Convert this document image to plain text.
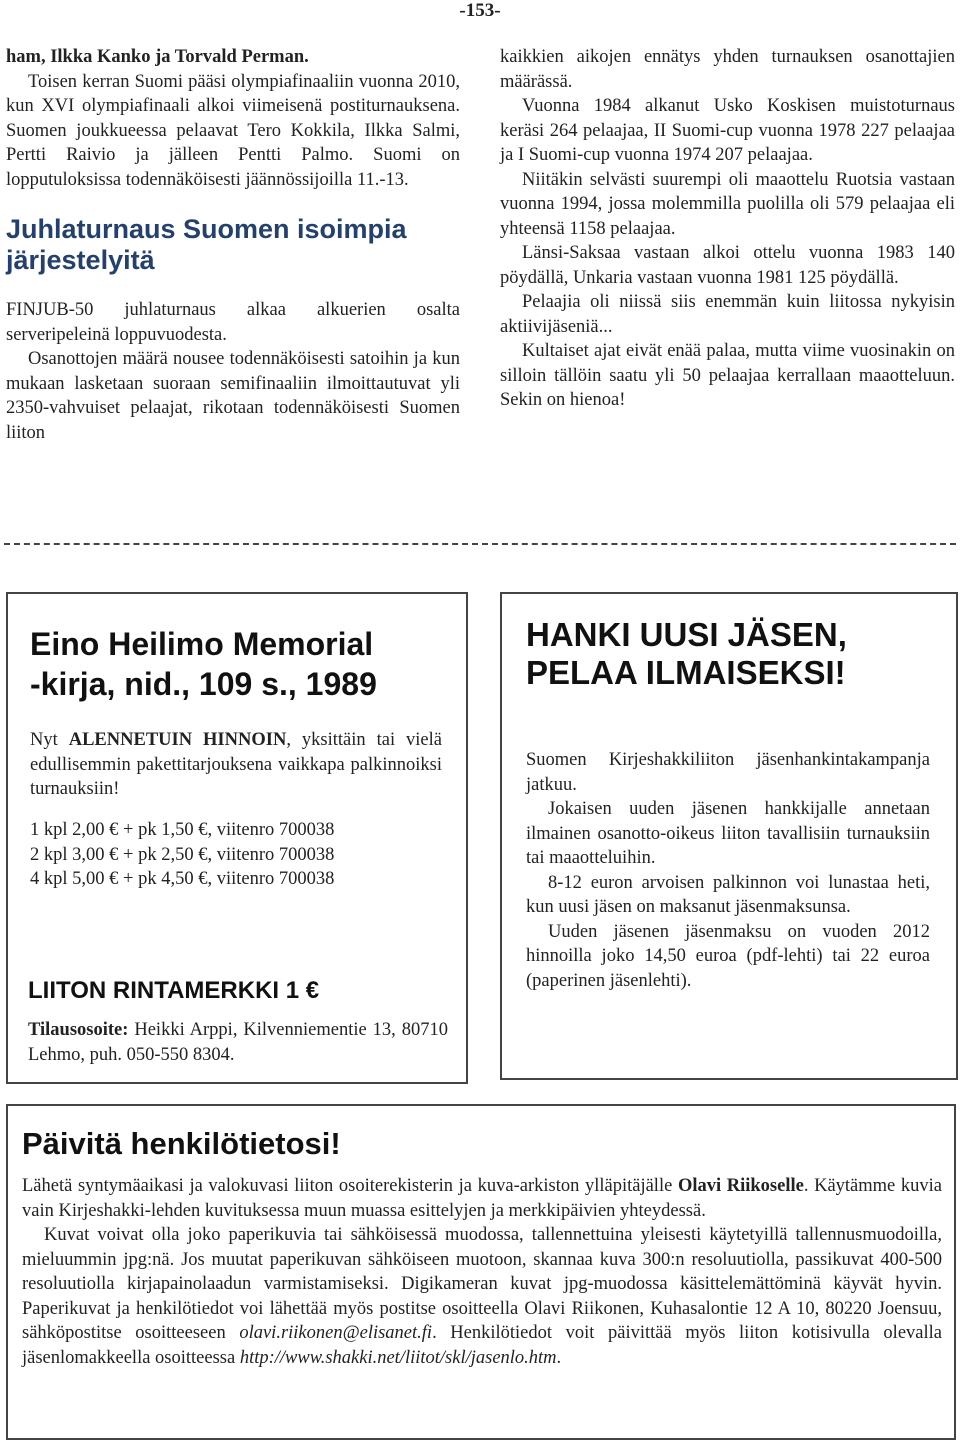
-153-

ham, Ilkka Kanko ja Torvald Perman.

Toisen kerran Suomi pääsi olympiafinaaliin vuonna 2010, kun XVI olympiafinaali alkoi viimeisenä postiturnauksena. Suomen joukkueessa pelaavat Tero Kokkila, Ilkka Salmi, Pertti Raivio ja jälleen Pentti Palmo. Suomi on lopputuloksissa todennäköisesti jäännössijoilla 11.-13.

Juhlaturnaus Suomen isoimpia järjestelyitä

FINJUB-50 juhlaturnaus alkaa alkuerien osalta serveripeleinä loppuvuodesta.

Osanottojen määrä nousee todennäköisesti satoihin ja kun mukaan lasketaan suoraan semifinaaliin ilmoittautuvat yli 2350-vahvuiset pelaajat, rikotaan todennäköisesti Suomen liiton

kaikkien aikojen ennätys yhden turnauksen osanottajien määrässä.

Vuonna 1984 alkanut Usko Koskisen muistoturnaus keräsi 264 pelaajaa, II Suomi-cup vuonna 1978 227 pelaajaa ja I Suomi-cup vuonna 1974 207 pelaajaa.

Niitäkin selvästi suurempi oli maaottelu Ruotsia vastaan vuonna 1994, jossa molemmilla puolilla oli 579 pelaajaa eli yhteensä 1158 pelaajaa.

Länsi-Saksaa vastaan alkoi ottelu vuonna 1983 140 pöydällä, Unkaria vastaan vuonna 1981 125 pöydällä.

Pelaajia oli niissä siis enemmän kuin liitossa nykyisin aktiivijäseniä...

Kultaiset ajat eivät enää palaa, mutta viime vuosinakin on silloin tällöin saatu yli 50 pelaajaa kerrallaan maaotteluun. Sekin on hienoa!

Eino Heilimo Memorial
-kirja, nid., 109 s., 1989
Nyt ALENNETUIN HINNOIN, yksittäin tai vielä edullisemmin pakettitarjouksena vaikkapa palkinnoiksi turnauksiin!
1 kpl 2,00 € + pk 1,50 €, viitenro 700038
2 kpl 3,00 € + pk 2,50 €, viitenro 700038
4 kpl 5,00 € + pk 4,50 €, viitenro 700038
LIITON RINTAMERKKI 1 €
Tilausosoite: Heikki Arppi, Kilvenniementie 13, 80710 Lehmo, puh. 050-550 8304.
HANKI UUSI JÄSEN, PELAA ILMAISEKSI!

Suomen Kirjeshakkiliiton jäsenhankintakampanja jatkuu.

Jokaisen uuden jäsenen hankkijalle annetaan ilmainen osanotto-oikeus liiton tavallisiin turnauksiin tai maaotteluihin.

8-12 euron arvoisen palkinnon voi lunastaa heti, kun uusi jäsen on maksanut jäsenmaksunsa.

Uuden jäsenen jäsenmaksu on vuoden 2012 hinnoilla joko 14,50 euroa (pdf-lehti) tai 22 euroa (paperinen jäsenlehti).

Päivitä henkilötietosi!

Lähetä syntymäaikasi ja valokuvasi liiton osoiterekisterin ja kuva-arkiston ylläpitäjälle Olavi Riikoselle. Käytämme kuvia vain Kirjeshakki-lehden kuvituksessa muun muassa esittelyjen ja merkkipäivien yhteydessä.

Kuvat voivat olla joko paperikuvia tai sähköisessä muodossa, tallennettuina yleisesti käytetyillä tallennusmuodoilla, mieluummin jpg:nä. Jos muutat paperikuvan sähköiseen muotoon, skannaa kuva 300:n resoluutiolla, passikuvat 400-500 resoluutiolla kirjapainolaadun varmistamiseksi. Digikameran kuvat jpg-muodossa käsittelemättöminä käyvät hyvin. Paperikuvat ja henkilötiedot voi lähettää myös postitse osoitteella Olavi Riikonen, Kuhasalontie 12 A 10, 80220 Joensuu, sähköpostitse osoitteeseen olavi.riikonen@elisanet.fi. Henkilötiedot voit päivittää myös liiton kotisivulla olevalla jäsenlomakkeella osoitteessa http://www.shakki.net/liitot/skl/jasenlo.htm.
